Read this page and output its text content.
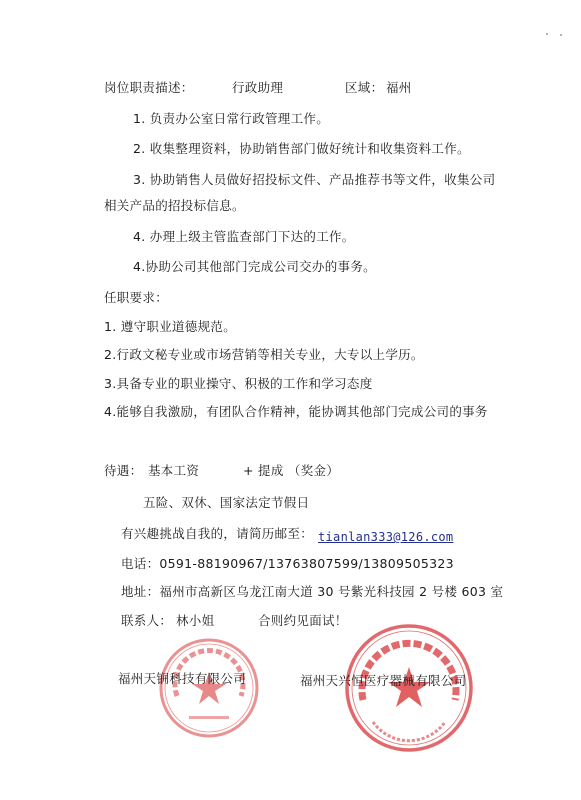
岗位职责描述：	行政助理	区域： 福州
1. 负责办公室日常行政管理工作。
2. 收集整理资料，协助销售部门做好统计和收集资料工作。
3. 协助销售人员做好招投标文件、产品推荐书等文件，收集公司
相关产品的招投标信息。
4. 办理上级主管监查部门下达的工作。
4.协助公司其他部门完成公司交办的事务。
任职要求：
1. 遵守职业道德规范。
2.行政文秘专业或市场营销等相关专业，大专以上学历。
3.具备专业的职业操守、积极的工作和学习态度
4.能够自我激励，有团队合作精神，能协调其他部门完成公司的事务
待遇： 基本工资	+ 提成 （奖金）
五险、双休、国家法定节假日
有兴趣挑战自我的，请简历邮至： tianlan333@126.com
电话：0591-88190967/13763807599/13809505323
地址：福州市高新区乌龙江南大道 30 号紫光科技园 2 号楼 603 室
联系人： 林小姐	合则约见面试！
福州天锎科技有限公司	福州天兴恒医疗器械有限公司
